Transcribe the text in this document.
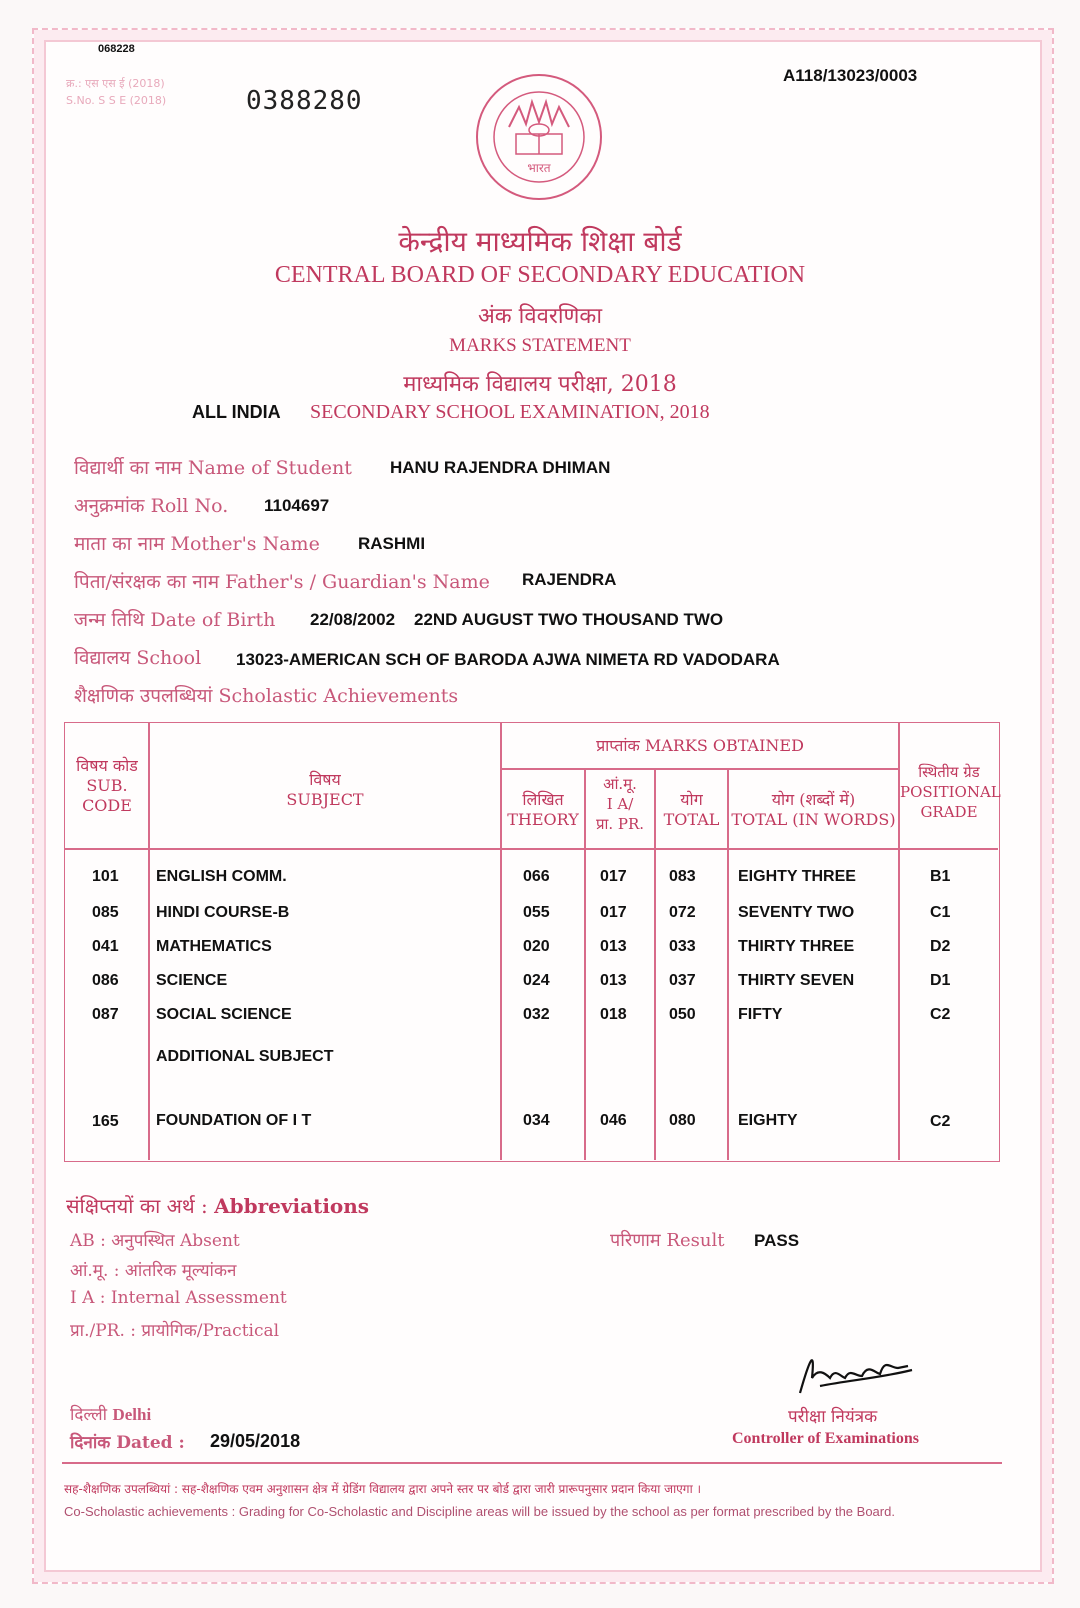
068228
क्र.: एस एस ई (2018)
S.No. S S E (2018)	0388280
A118/13023/0003
भारत
केन्द्रीय माध्यमिक शिक्षा बोर्ड
CENTRAL BOARD OF SECONDARY EDUCATION
अंक विवरणिका
MARKS STATEMENT
माध्यमिक विद्यालय परीक्षा, 2018
ALL INDIA SECONDARY SCHOOL EXAMINATION, 2018
विद्यार्थी का नाम Name of Student HANU RAJENDRA DHIMAN
अनुक्रमांक Roll No. 1104697
माता का नाम Mother's Name RASHMI
पिता/संरक्षक का नाम Father's / Guardian's Name RAJENDRA
जन्म तिथि Date of Birth 22/08/2002 22ND AUGUST TWO THOUSAND TWO
विद्यालय School 13023-AMERICAN SCH OF BARODA AJWA NIMETA RD VADODARA
शैक्षणिक उपलब्धियां Scholastic Achievements
विषय कोड
SUB.
CODE
विषय
SUBJECT
प्राप्तांक MARKS OBTAINED
लिखित
THEORY
आं.मू.
I A/
प्रा. PR.
योग
TOTAL
योग (शब्दों में)
TOTAL (IN WORDS)
स्थितीय ग्रेड
POSITIONAL
GRADE
101 ENGLISH COMM.	066	017	083	EIGHTY THREE	B1
085 HINDI COURSE-B	055	017	072	SEVENTY TWO	C1
041 MATHEMATICS	020	013	033	THIRTY THREE	D2
086 SCIENCE	024	013	037	THIRTY SEVEN	D1
087 SOCIAL SCIENCE	032	018	050	FIFTY	C2
ADDITIONAL SUBJECT
165 FOUNDATION OF I T	034	046	080	EIGHTY	C2
संक्षिप्तयों का अर्थ : Abbreviations
AB : अनुपस्थित Absent
आं.मू. : आंतरिक मूल्यांकन
I A : Internal Assessment
प्रा./PR. : प्रायोगिक/Practical
परिणाम Result PASS
परीक्षा नियंत्रक
Controller of Examinations
दिल्ली Delhi
दिनांक Dated : 29/05/2018
सह-शैक्षणिक उपलब्धियां : सह-शैक्षणिक एवम अनुशासन क्षेत्र में ग्रेडिंग विद्यालय द्वारा अपने स्तर पर बोर्ड द्वारा जारी प्रारूपनुसार प्रदान किया जाएगा ।
Co-Scholastic achievements : Grading for Co-Scholastic and Discipline areas will be issued by the school as per format prescribed by the Board.
